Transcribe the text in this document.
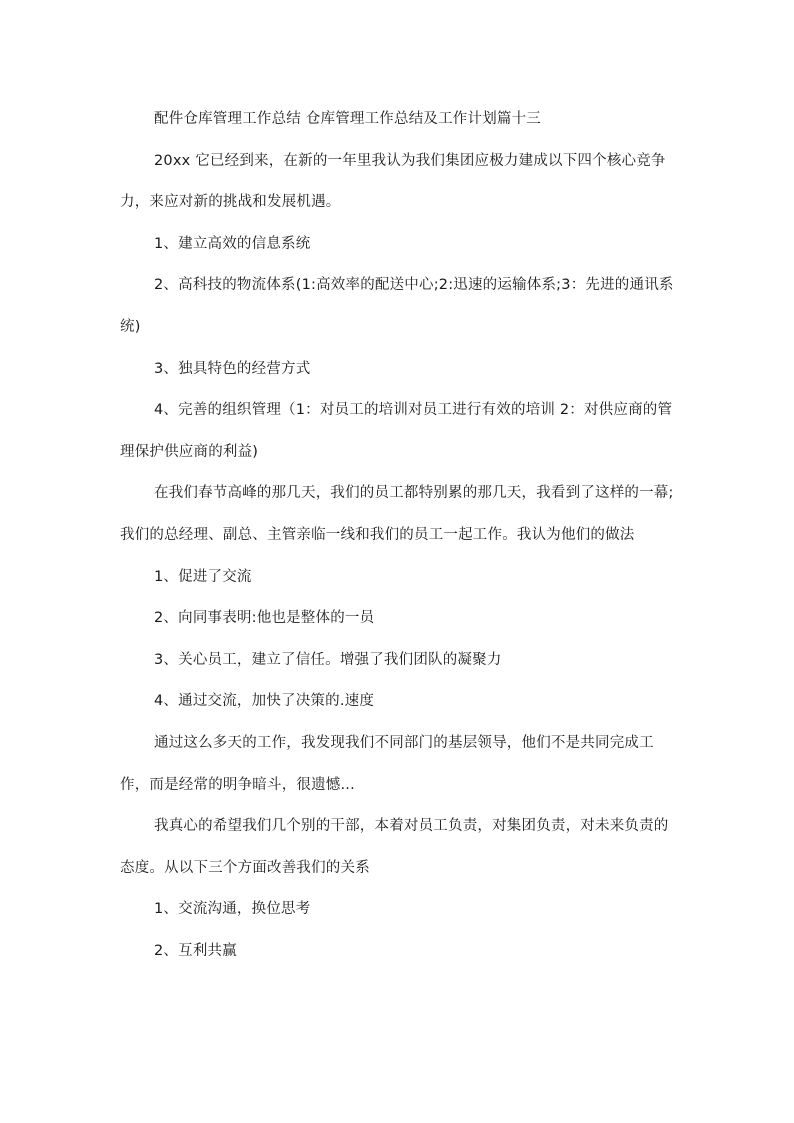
配件仓库管理工作总结 仓库管理工作总结及工作计划篇十三

20xx 它已经到来，在新的一年里我认为我们集团应极力建成以下四个核心竞争力，来应对新的挑战和发展机遇。

1、建立高效的信息系统

2、高科技的物流体系(1:高效率的配送中心;2:迅速的运输体系;3：先进的通讯系统)

3、独具特色的经营方式

4、完善的组织管理（1：对员工的培训对员工进行有效的培训 2：对供应商的管理保护供应商的利益)

在我们春节高峰的那几天，我们的员工都特别累的那几天，我看到了这样的一幕;我们的总经理、副总、主管亲临一线和我们的员工一起工作。我认为他们的做法

1、促进了交流

2、向同事表明:他也是整体的一员

3、关心员工，建立了信任。增强了我们团队的凝聚力

4、通过交流，加快了决策的.速度

通过这么多天的工作，我发现我们不同部门的基层领导，他们不是共同完成工作，而是经常的明争暗斗，很遗憾...

我真心的希望我们几个别的干部，本着对员工负责，对集团负责，对未来负责的态度。从以下三个方面改善我们的关系

1、交流沟通，换位思考

2、互利共赢
